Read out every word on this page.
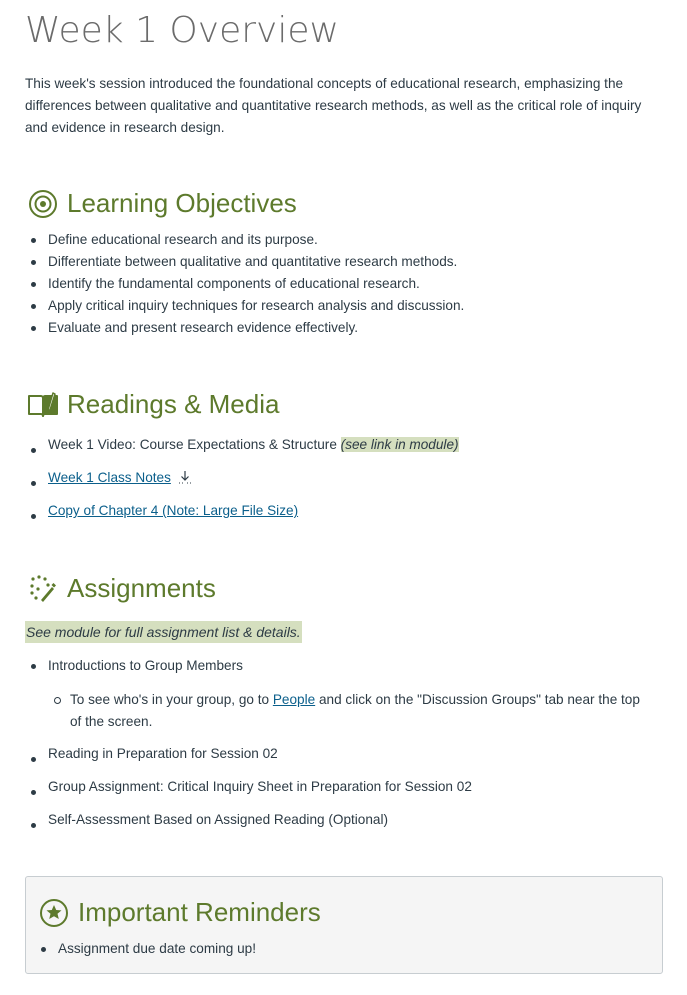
Week 1 Overview

This week's session introduced the foundational concepts of educational research, emphasizing the differences between qualitative and quantitative research methods, as well as the critical role of inquiry and evidence in research design.

Learning Objectives
Define educational research and its purpose.
Differentiate between qualitative and quantitative research methods.
Identify the fundamental components of educational research.
Apply critical inquiry techniques for research analysis and discussion.
Evaluate and present research evidence effectively.
Readings & Media
Week 1 Video: Course Expectations & Structure (see link in module)
Week 1 Class Notes
Copy of Chapter 4 (Note: Large File Size)
Assignments
See module for full assignment list & details.
Introductions to Group Members
To see who's in your group, go to People and click on the "Discussion Groups" tab near the top of the screen.
Reading in Preparation for Session 02
Group Assignment: Critical Inquiry Sheet in Preparation for Session 02
Self-Assessment Based on Assigned Reading (Optional)
Important Reminders
Assignment due date coming up!
